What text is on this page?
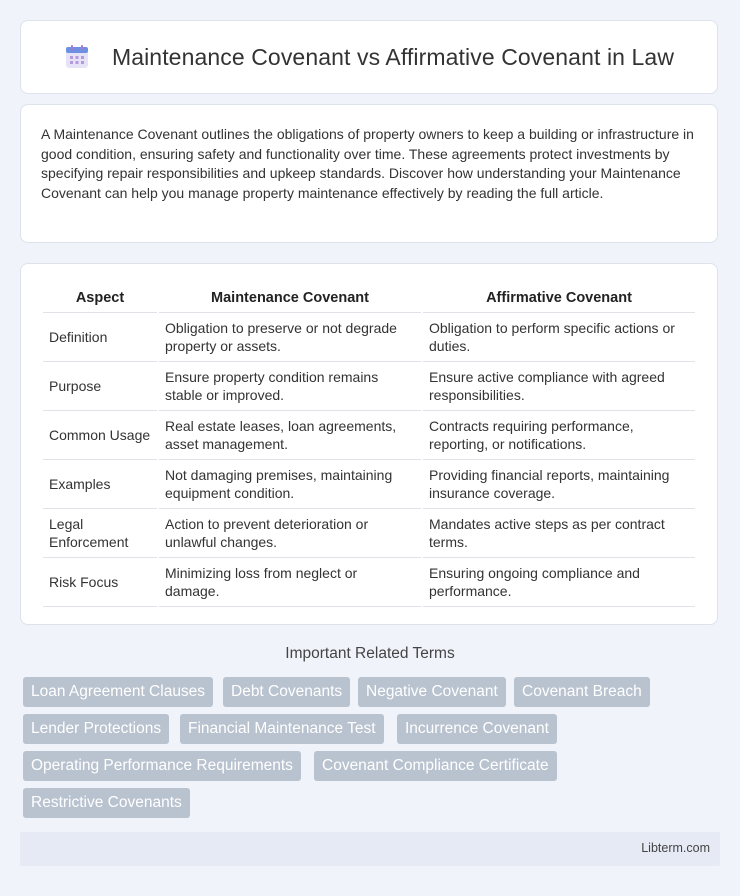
Maintenance Covenant vs Affirmative Covenant in Law

A Maintenance Covenant outlines the obligations of property owners to keep a building or infrastructure in good condition, ensuring safety and functionality over time. These agreements protect investments by specifying repair responsibilities and upkeep standards. Discover how understanding your Maintenance Covenant can help you manage property maintenance effectively by reading the full article.

Aspect	Maintenance Covenant	Affirmative Covenant
Definition	Obligation to preserve or not degrade property or assets.	Obligation to perform specific actions or duties.
Purpose	Ensure property condition remains stable or improved.	Ensure active compliance with agreed responsibilities.
Common Usage	Real estate leases, loan agreements, asset management.	Contracts requiring performance, reporting, or notifications.
Examples	Not damaging premises, maintaining equipment condition.	Providing financial reports, maintaining insurance coverage.
Legal Enforcement	Action to prevent deterioration or unlawful changes.	Mandates active steps as per contract terms.
Risk Focus	Minimizing loss from neglect or damage.	Ensuring ongoing compliance and performance.
Important Related Terms
Loan Agreement Clauses	Debt Covenants	Negative Covenant	Covenant Breach
Lender Protections	Financial Maintenance Test	Incurrence Covenant
Operating Performance Requirements	Covenant Compliance Certificate
Restrictive Covenants
Libterm.com
